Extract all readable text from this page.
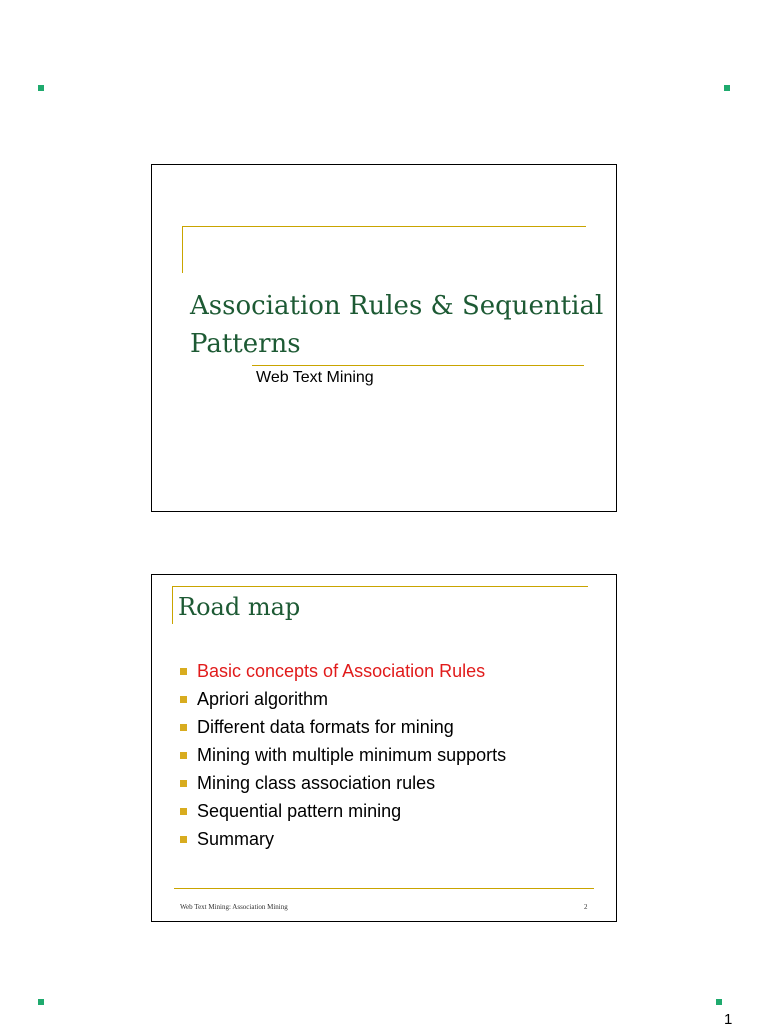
1
Association Rules & Sequential
Patterns
Web Text Mining
Road map
Basic concepts of Association Rules
Apriori algorithm
Different data formats for mining
Mining with multiple minimum supports
Mining class association rules
Sequential pattern mining
Summary
Web Text Mining: Association Mining	2
